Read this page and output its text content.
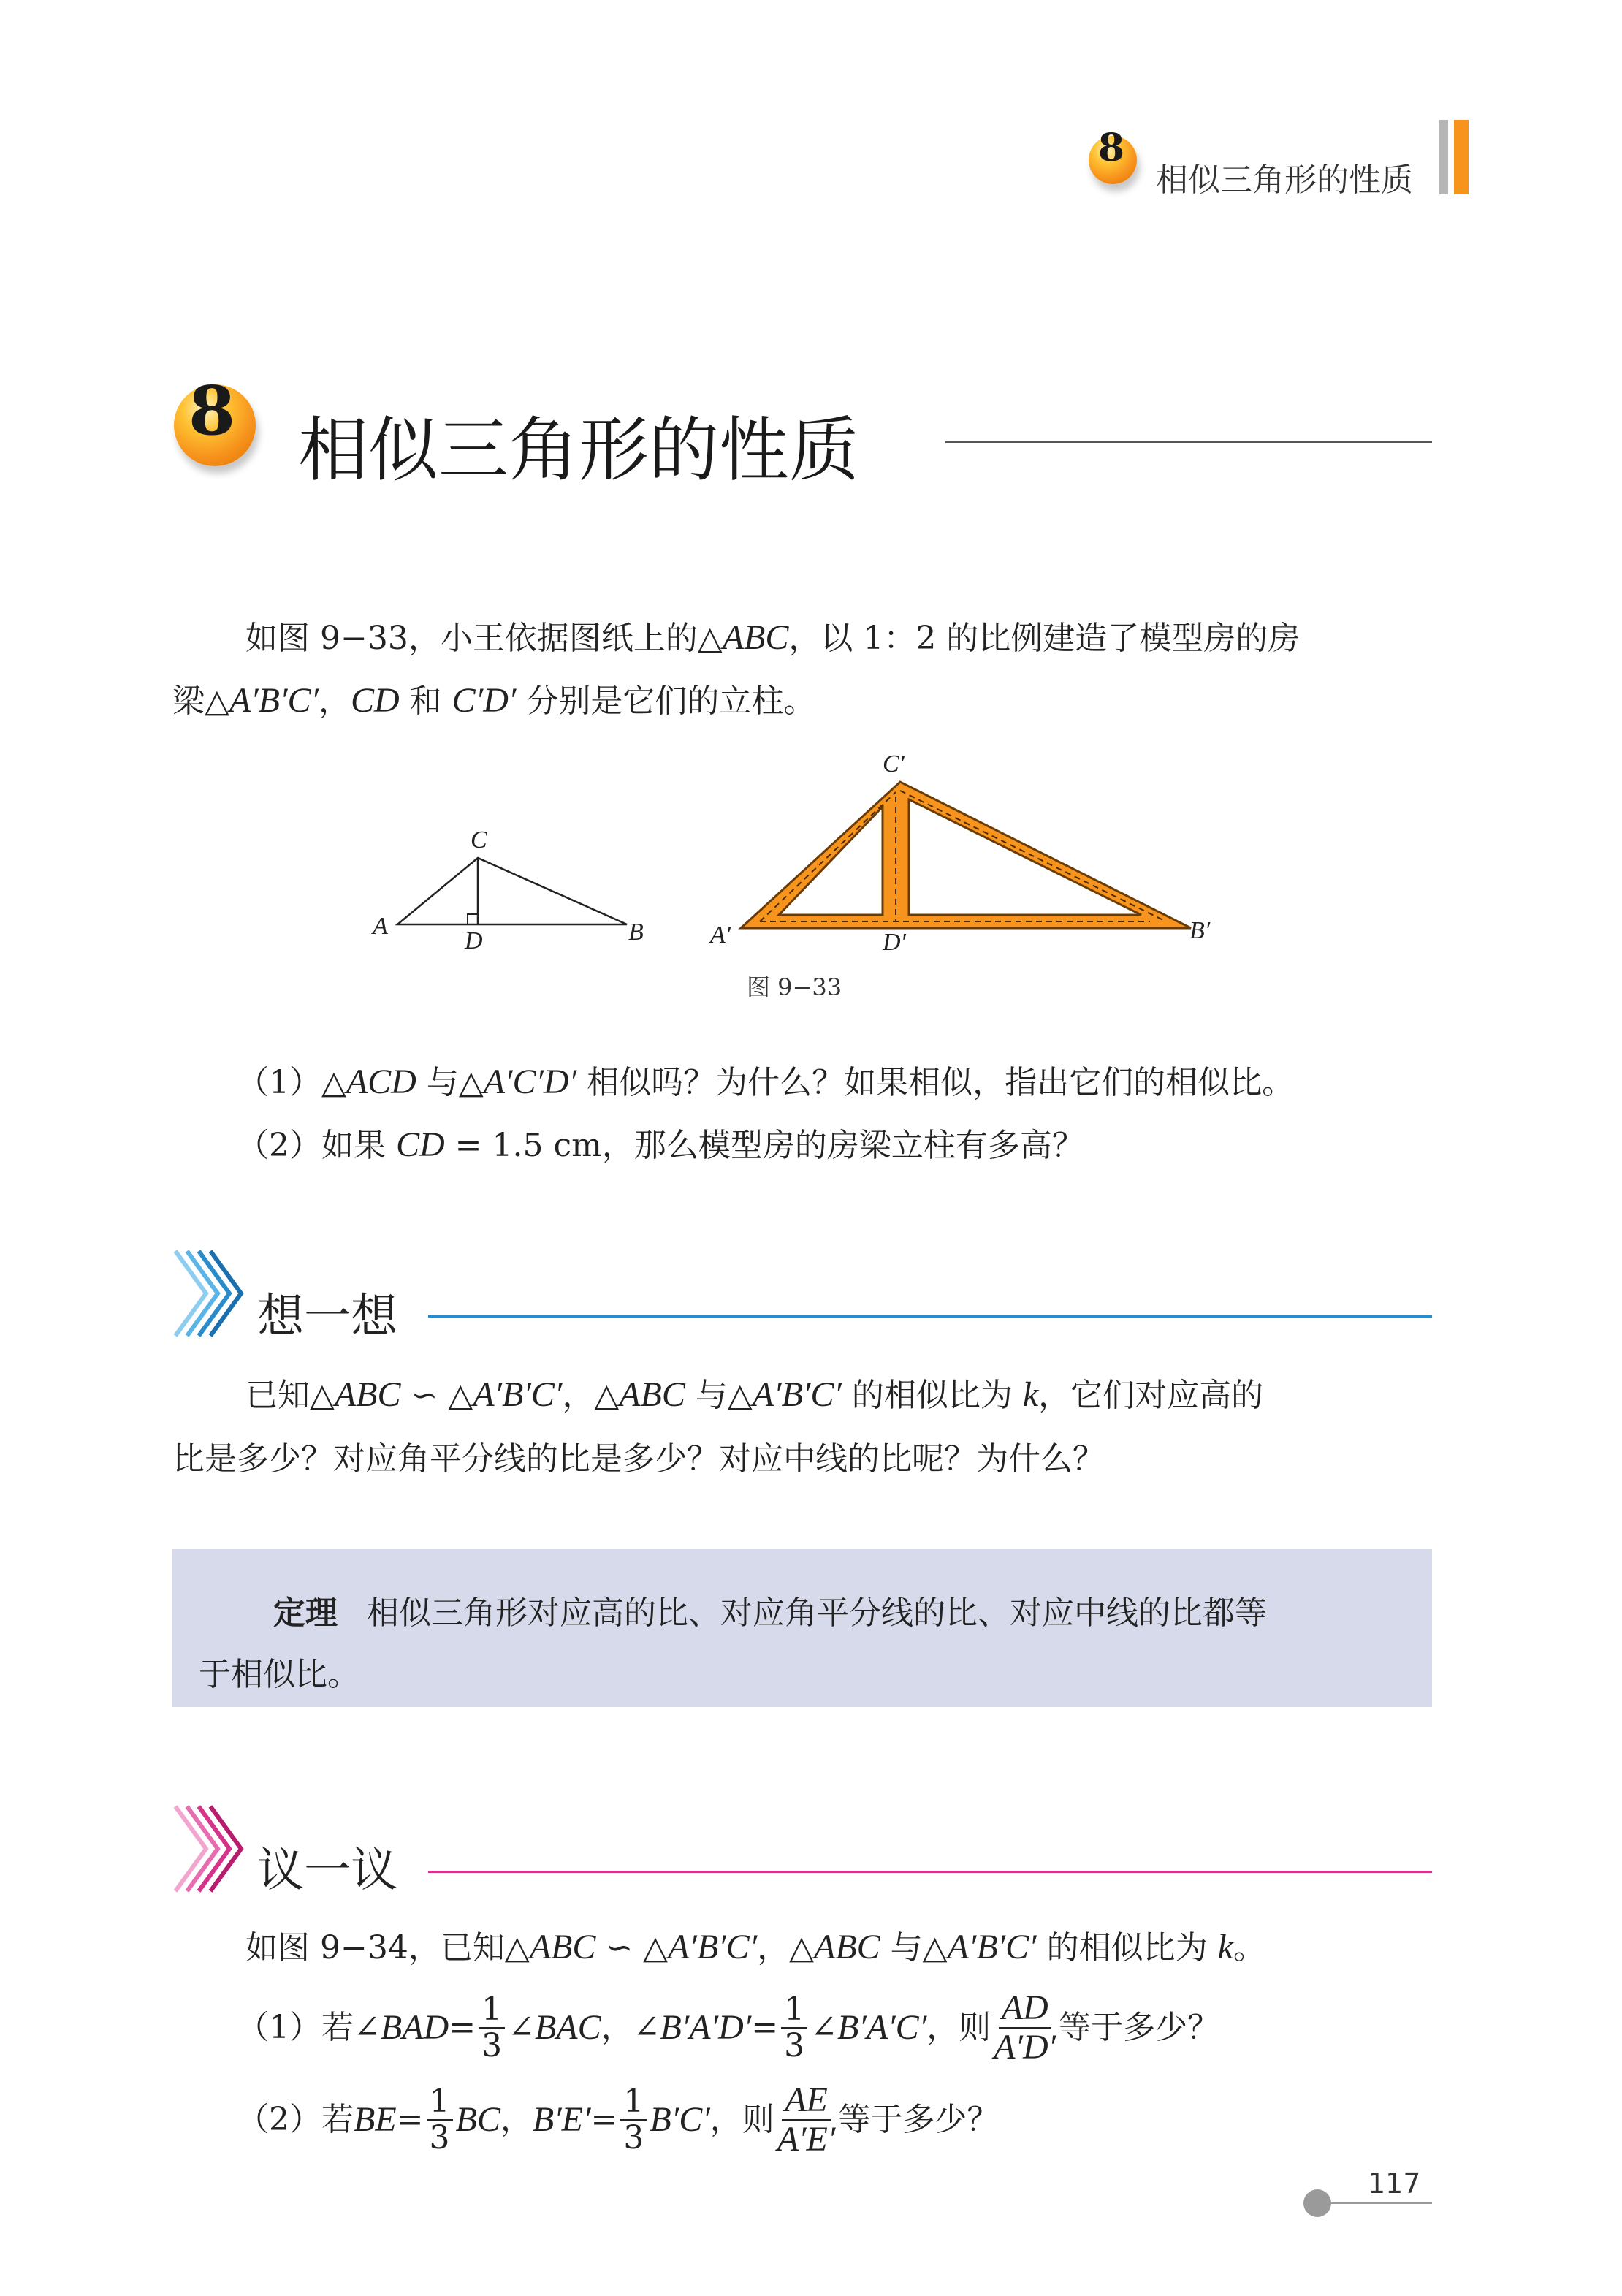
8
相似三角形的性质
8 相似三角形的性质
如图 9−33，小王依据图纸上的△ABC，以 1：2 的比例建造了模型房的房
梁△A′B′C′，CD 和 C′D′ 分别是它们的立柱。
C
A
D	B
C′
A′	D′	B′
图 9−33
（1）△ACD 与△A′C′D′ 相似吗？为什么？如果相似，指出它们的相似比。
（2）如果 CD = 1.5 cm，那么模型房的房梁立柱有多高？
想一想
已知△ABC ∽ △A′B′C′，△ABC 与△A′B′C′ 的相似比为 k，它们对应高的
比是多少？对应角平分线的比是多少？对应中线的比呢？为什么？
定理 相似三角形对应高的比、对应角平分线的比、对应中线的比都等
于相似比。
议一议
如图 9−34，已知△ABC ∽ △A′B′C′，△ABC 与△A′B′C′ 的相似比为 k。
（1）若∠ BAD = $\frac{1}{3}$ ∠ BAC ，∠ $B'A'D' = \frac{1}{3}$ ∠ B′A′C′ ，则 $\frac{AD}{A'D'}$ 等于多少？
（2）若 BE = $\frac{1}{3}$ BC ， $B'E' = \frac{1}{3} B'C'$ ，则 $\frac{AE}{A'E'}$ 等于多少？
117
